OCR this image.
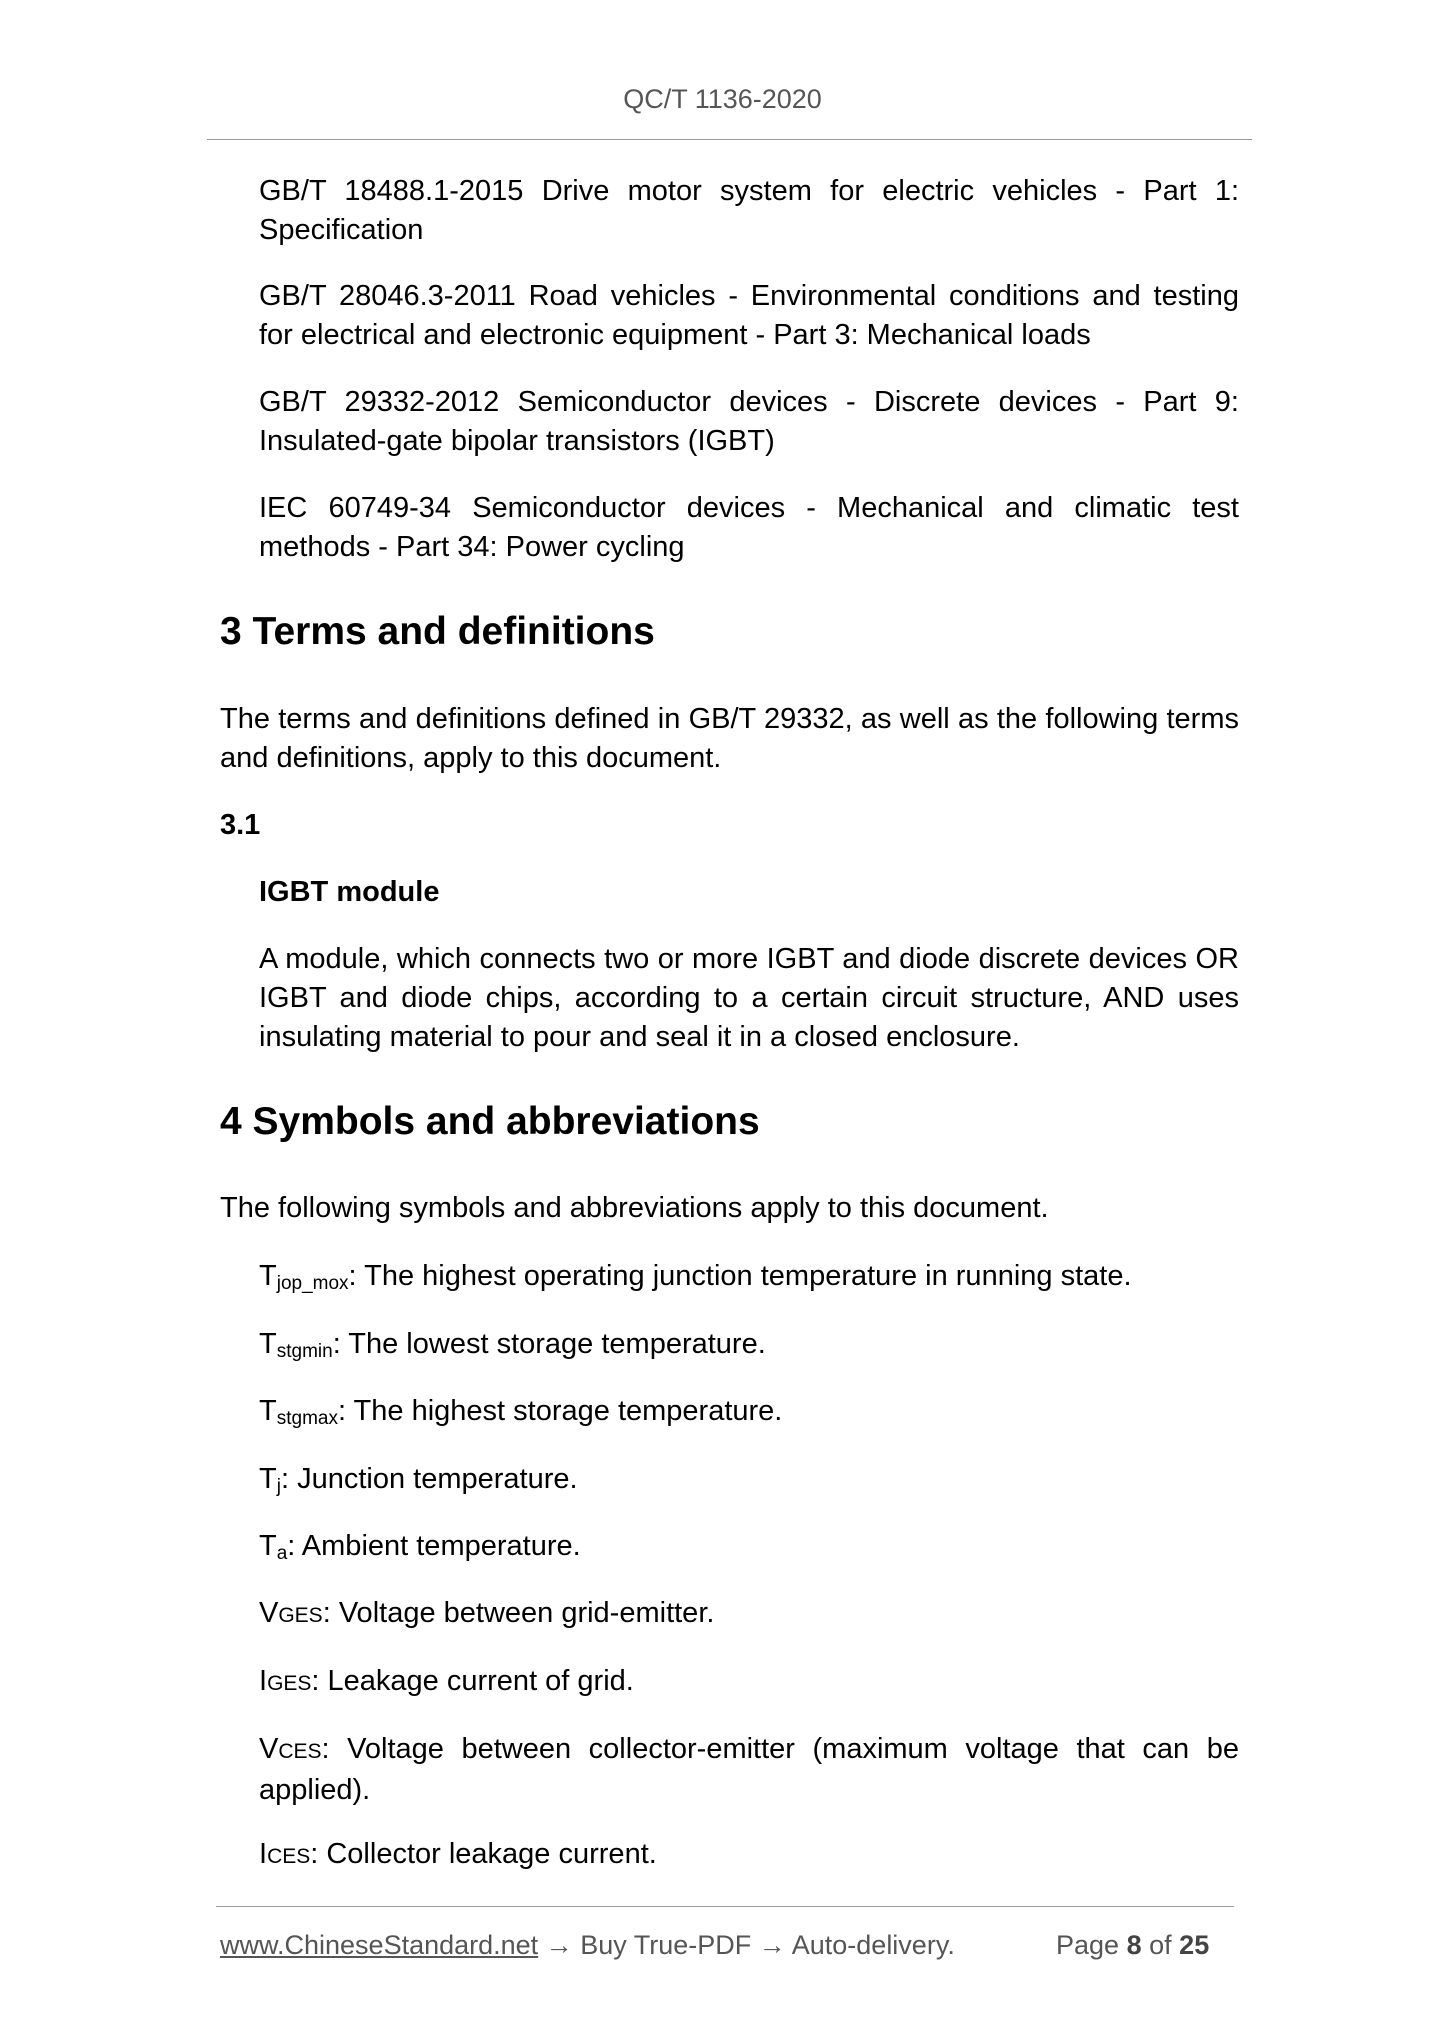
QC/T 1136-2020

GB/T 18488.1-2015 Drive motor system for electric vehicles - Part 1: Specification

GB/T 28046.3-2011 Road vehicles - Environmental conditions and testing for electrical and electronic equipment - Part 3: Mechanical loads

GB/T 29332-2012 Semiconductor devices - Discrete devices - Part 9: Insulated-gate bipolar transistors (IGBT)

IEC 60749-34 Semiconductor devices - Mechanical and climatic test methods - Part 34: Power cycling

3 Terms and definitions

The terms and definitions defined in GB/T 29332, as well as the following terms and definitions, apply to this document.

3.1
IGBT module

A module, which connects two or more IGBT and diode discrete devices OR IGBT and diode chips, according to a certain circuit structure, AND uses insulating material to pour and seal it in a closed enclosure.

4 Symbols and abbreviations

The following symbols and abbreviations apply to this document.

$T_{jop\_mox}$: The highest operating junction temperature in running state.

$T_{stgmin}$: The lowest storage temperature.

$T_{stgmax}$: The highest storage temperature.

$T_j$: Junction temperature.

$T_a$: Ambient temperature.

VGES: Voltage between grid-emitter.

IGES: Leakage current of grid.

VCES: Voltage between collector-emitter (maximum voltage that can be applied).

ICES: Collector leakage current.

www.ChineseStandard.net → Buy True-PDF → Auto-delivery.	Page 8 of 25
